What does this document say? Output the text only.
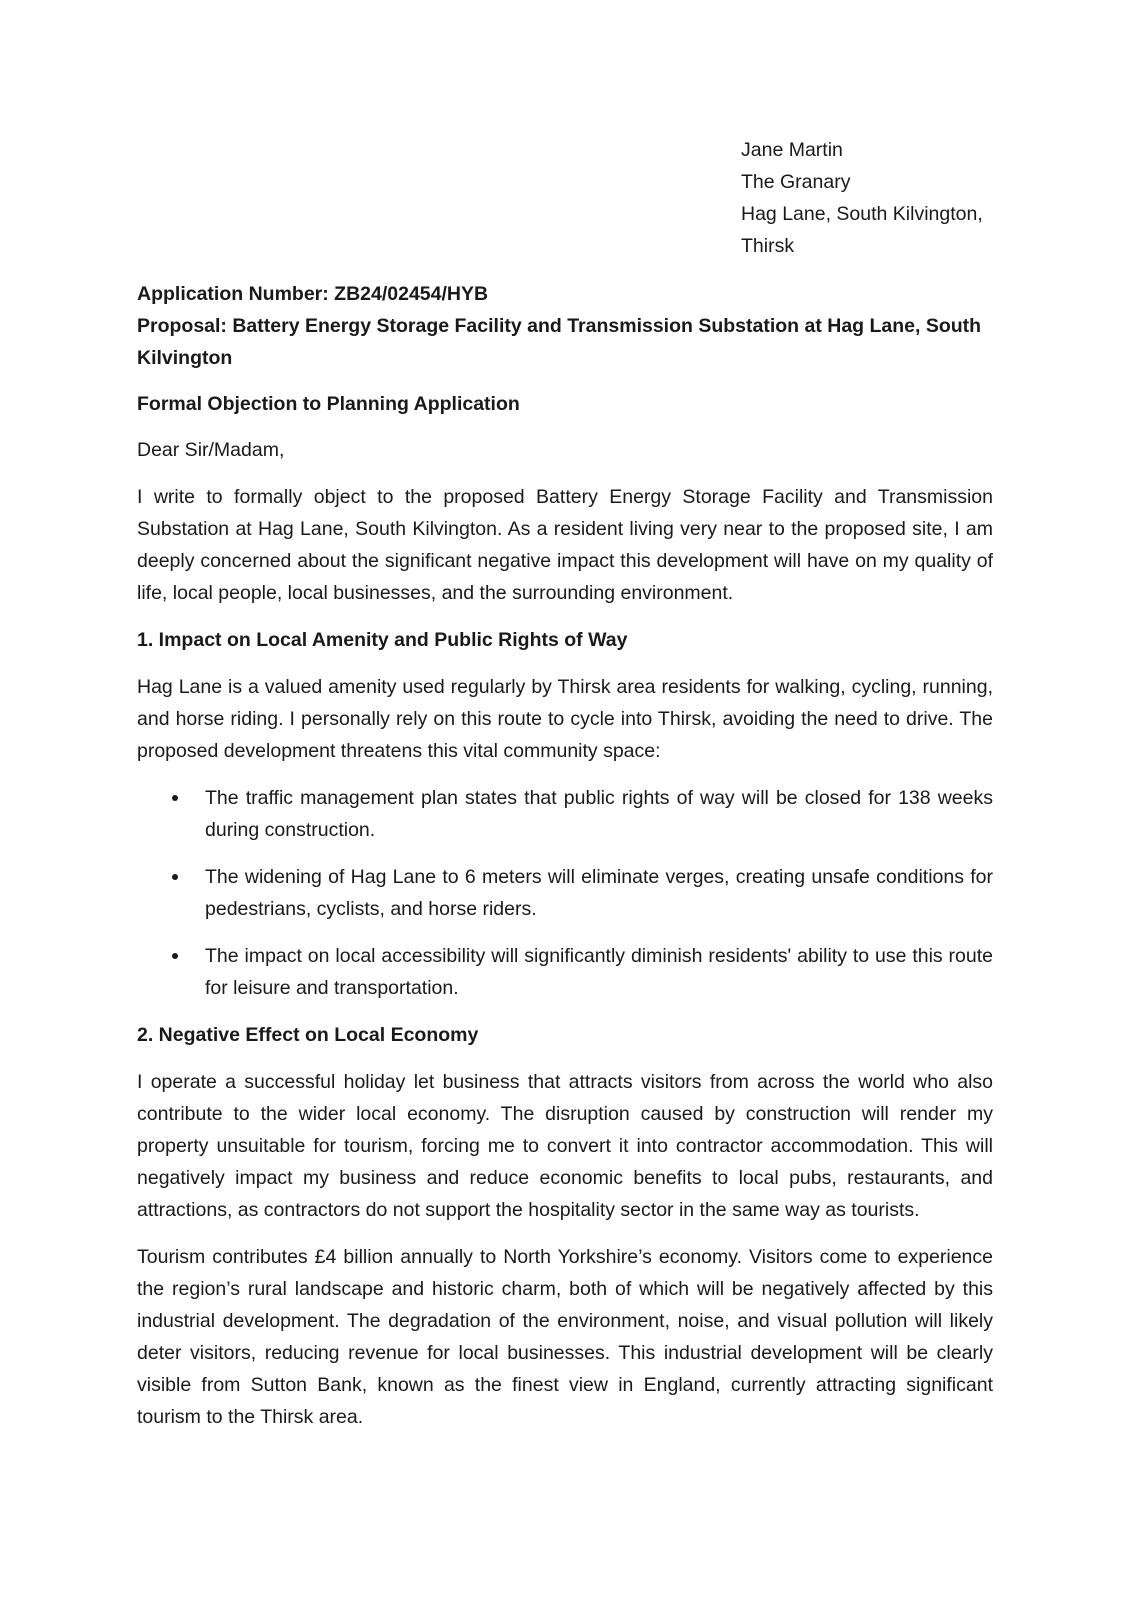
Jane Martin
The Granary
Hag Lane, South Kilvington,
Thirsk
Application Number: ZB24/02454/HYB
Proposal: Battery Energy Storage Facility and Transmission Substation at Hag Lane, South Kilvington
Formal Objection to Planning Application
Dear Sir/Madam,

I write to formally object to the proposed Battery Energy Storage Facility and Transmission Substation at Hag Lane, South Kilvington. As a resident living very near to the proposed site, I am deeply concerned about the significant negative impact this development will have on my quality of life, local people, local businesses, and the surrounding environment.

1. Impact on Local Amenity and Public Rights of Way

Hag Lane is a valued amenity used regularly by Thirsk area residents for walking, cycling, running, and horse riding. I personally rely on this route to cycle into Thirsk, avoiding the need to drive. The proposed development threatens this vital community space:

The traffic management plan states that public rights of way will be closed for 138 weeks during construction.
The widening of Hag Lane to 6 meters will eliminate verges, creating unsafe conditions for pedestrians, cyclists, and horse riders.
The impact on local accessibility will significantly diminish residents' ability to use this route for leisure and transportation.
2. Negative Effect on Local Economy

I operate a successful holiday let business that attracts visitors from across the world who also contribute to the wider local economy. The disruption caused by construction will render my property unsuitable for tourism, forcing me to convert it into contractor accommodation. This will negatively impact my business and reduce economic benefits to local pubs, restaurants, and attractions, as contractors do not support the hospitality sector in the same way as tourists.

Tourism contributes £4 billion annually to North Yorkshire’s economy. Visitors come to experience the region’s rural landscape and historic charm, both of which will be negatively affected by this industrial development. The degradation of the environment, noise, and visual pollution will likely deter visitors, reducing revenue for local businesses. This industrial development will be clearly visible from Sutton Bank, known as the finest view in England, currently attracting significant tourism to the Thirsk area.
